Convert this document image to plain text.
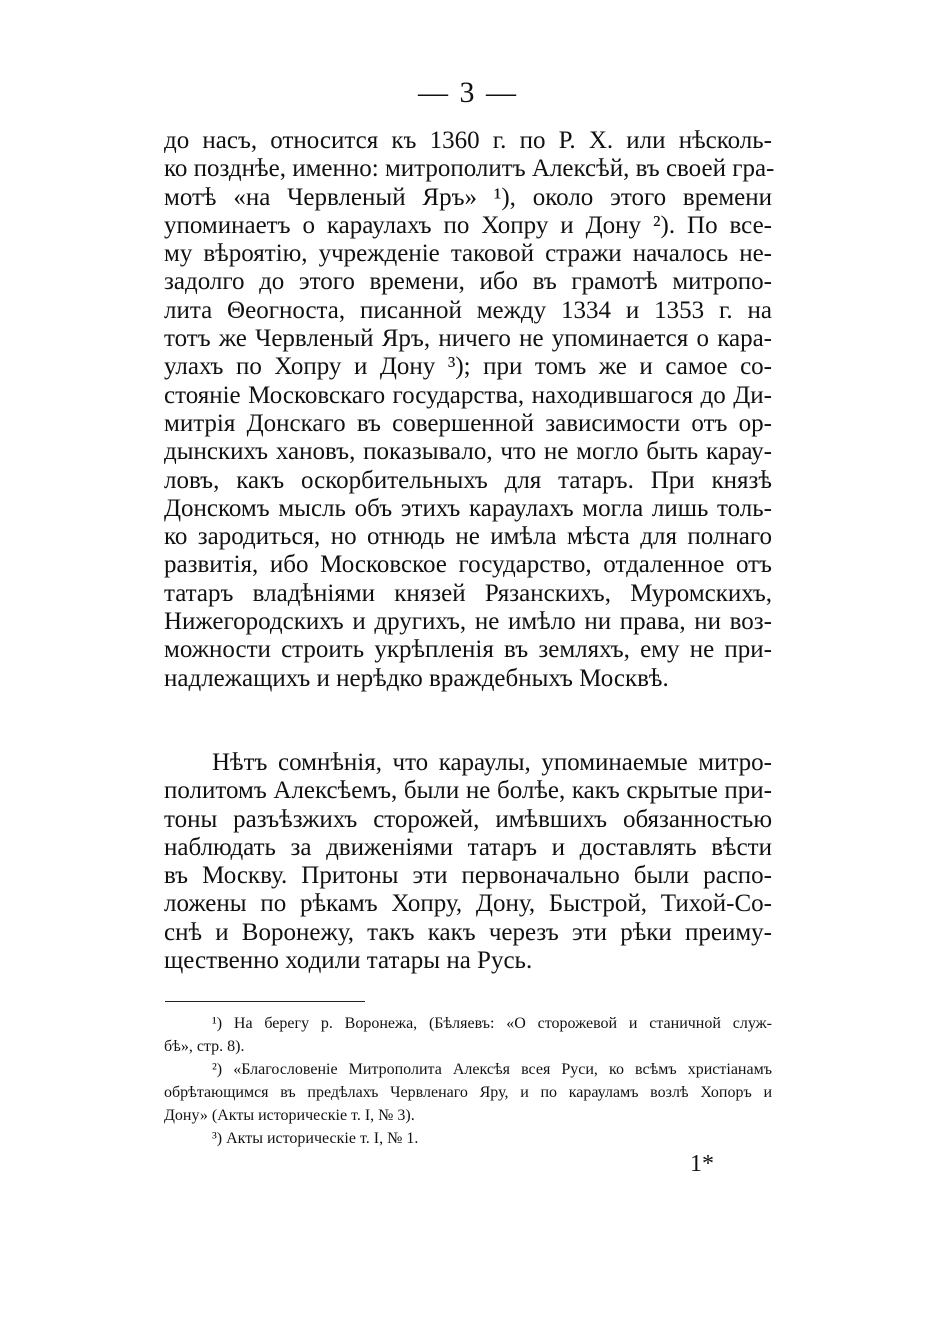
— 3 —
до насъ, относится къ 1360 г. по Р. X. или нѣсколь-
ко позднѣе, именно: митрополитъ Алексѣй, въ своей гра-
мотѣ «на Червленый Яръ» ¹), около этого времени
упоминаетъ о караулахъ по Хопру и Дону ²). По все-
му вѣроятію, учрежденіе таковой стражи началось не-
задолго до этого времени, ибо въ грамотѣ митропо-
лита Θеогноста, писанной между 1334 и 1353 г. на
тотъ же Червленый Яръ, ничего не упоминается о кара-
улахъ по Хопру и Дону ³); при томъ же и самое со-
стояніе Московскаго государства, находившагося до Ди-
митрія Донскаго въ совершенной зависимости отъ ор-
дынскихъ хановъ, показывало, что не могло быть карау-
ловъ, какъ оскорбительныхъ для татаръ. При князѣ
Донскомъ мысль объ этихъ караулахъ могла лишь толь-
ко зародиться, но отнюдь не имѣла мѣста для полнаго
развитія, ибо Московское государство, отдаленное отъ
татаръ владѣніями князей Рязанскихъ, Муромскихъ,
Нижегородскихъ и другихъ, не имѣло ни права, ни воз-
можности строить укрѣпленія въ земляхъ, ему не при-
надлежащихъ и нерѣдко враждебныхъ Москвѣ.
Нѣтъ сомнѣнія, что караулы, упоминаемые митро-
политомъ Алексѣемъ, были не болѣе, какъ скрытые при-
тоны разъѣзжихъ сторожей, имѣвшихъ обязанностью
наблюдать за движеніями татаръ и доставлять вѣсти
въ Москву. Притоны эти первоначально были распо-
ложены по рѣкамъ Хопру, Дону, Быстрой, Тихой-Со-
снѣ и Воронежу, такъ какъ черезъ эти рѣки преиму-
щественно ходили татары на Русь.
¹) На берегу р. Воронежа, (Бѣляевъ: «О сторожевой и станичной служ-
бѣ», стр. 8).
²) «Благословеніе Митрополита Алексѣя всея Руси, ко всѣмъ христіанамъ
обрѣтающимся въ предѣлахъ Червленаго Яру, и по карауламъ возлѣ Хопоръ и
Дону» (Акты историческіе т. I, № 3).
³) Акты историческіе т. I, № 1.
1*
